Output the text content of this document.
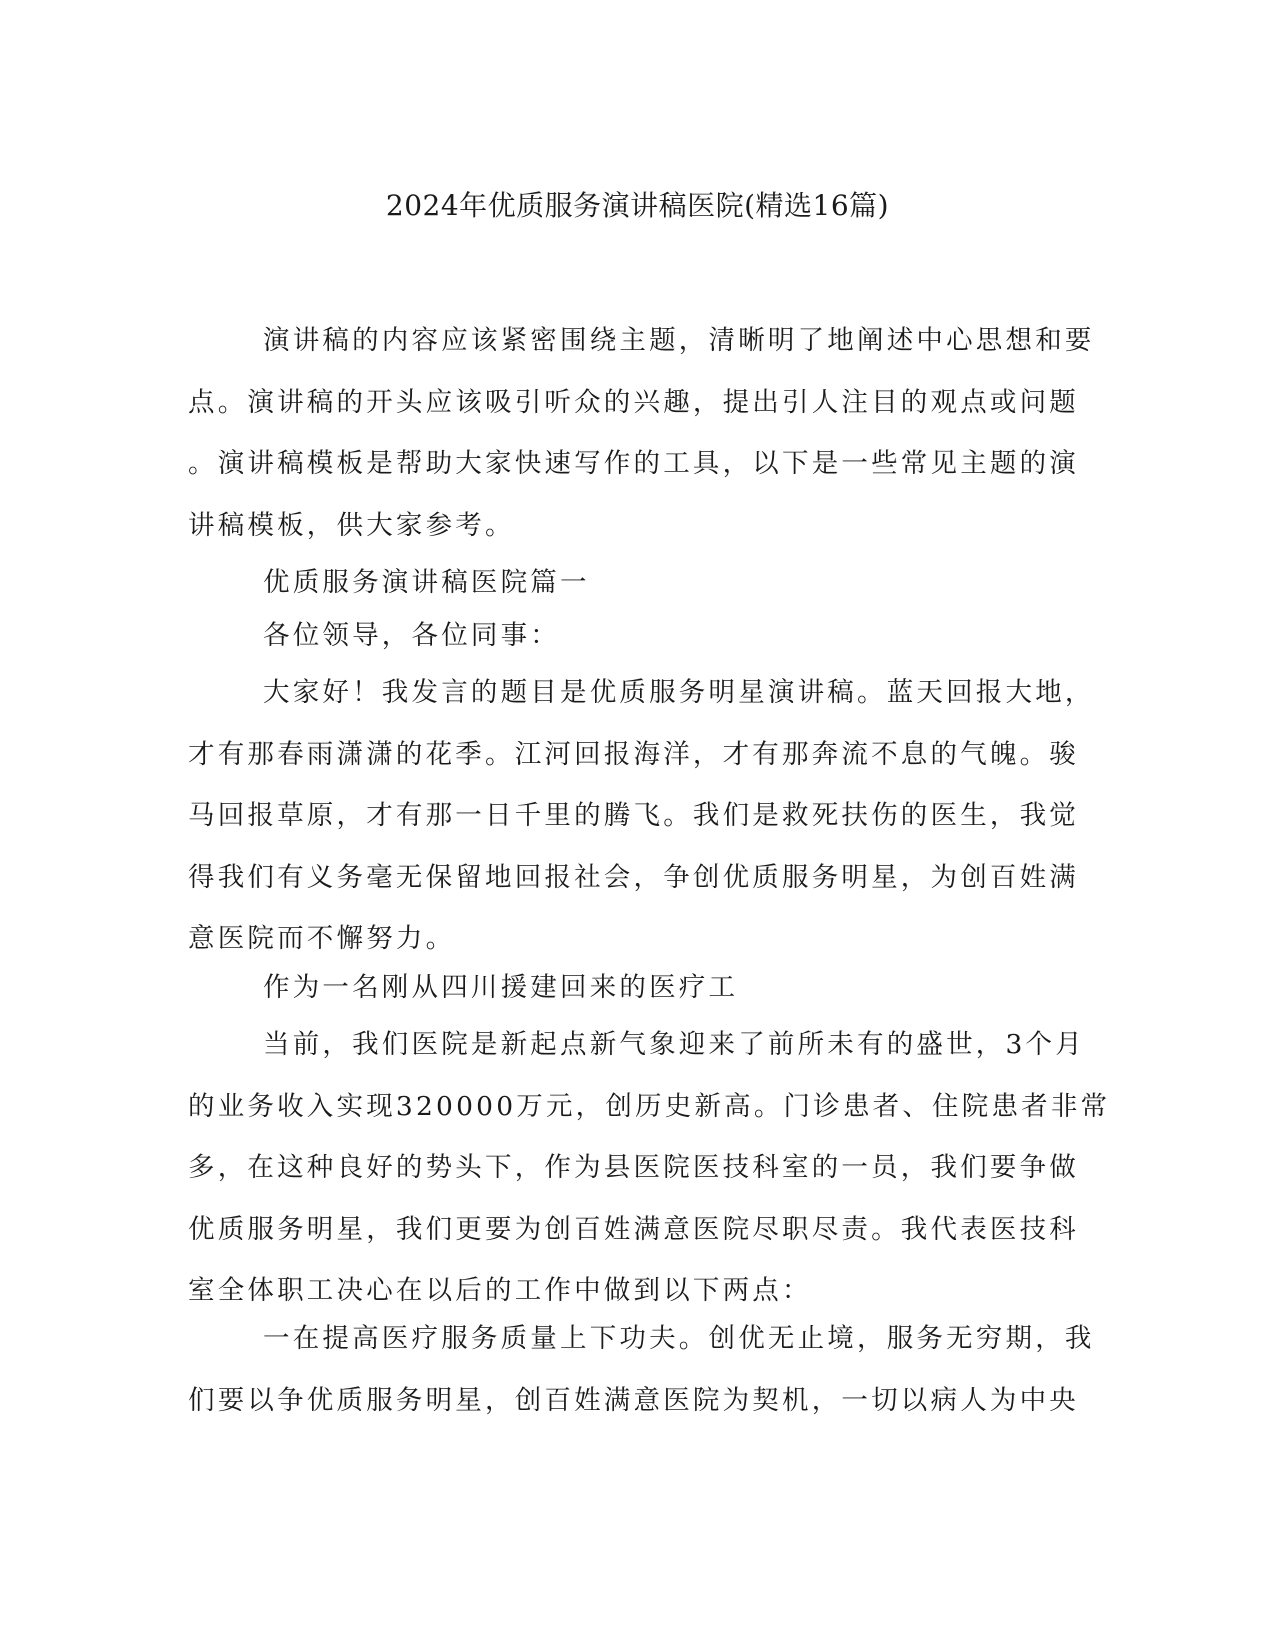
2024年优质服务演讲稿医院(精选16篇)

演讲稿的内容应该紧密围绕主题，清晰明了地阐述中心思想和要
点。演讲稿的开头应该吸引听众的兴趣，提出引人注目的观点或问题
。演讲稿模板是帮助大家快速写作的工具，以下是一些常见主题的演
讲稿模板，供大家参考。

优质服务演讲稿医院篇一

各位领导，各位同事：

大家好！我发言的题目是优质服务明星演讲稿。蓝天回报大地，
才有那春雨潇潇的花季。江河回报海洋，才有那奔流不息的气魄。骏
马回报草原，才有那一日千里的腾飞。我们是救死扶伤的医生，我觉
得我们有义务毫无保留地回报社会，争创优质服务明星，为创百姓满
意医院而不懈努力。

作为一名刚从四川援建回来的医疗工

当前，我们医院是新起点新气象迎来了前所未有的盛世，3个月
的业务收入实现320000万元，创历史新高。门诊患者、住院患者非常
多，在这种良好的势头下，作为县医院医技科室的一员，我们要争做
优质服务明星，我们更要为创百姓满意医院尽职尽责。我代表医技科
室全体职工决心在以后的工作中做到以下两点：

一在提高医疗服务质量上下功夫。创优无止境，服务无穷期，我
们要以争优质服务明星，创百姓满意医院为契机，一切以病人为中央
